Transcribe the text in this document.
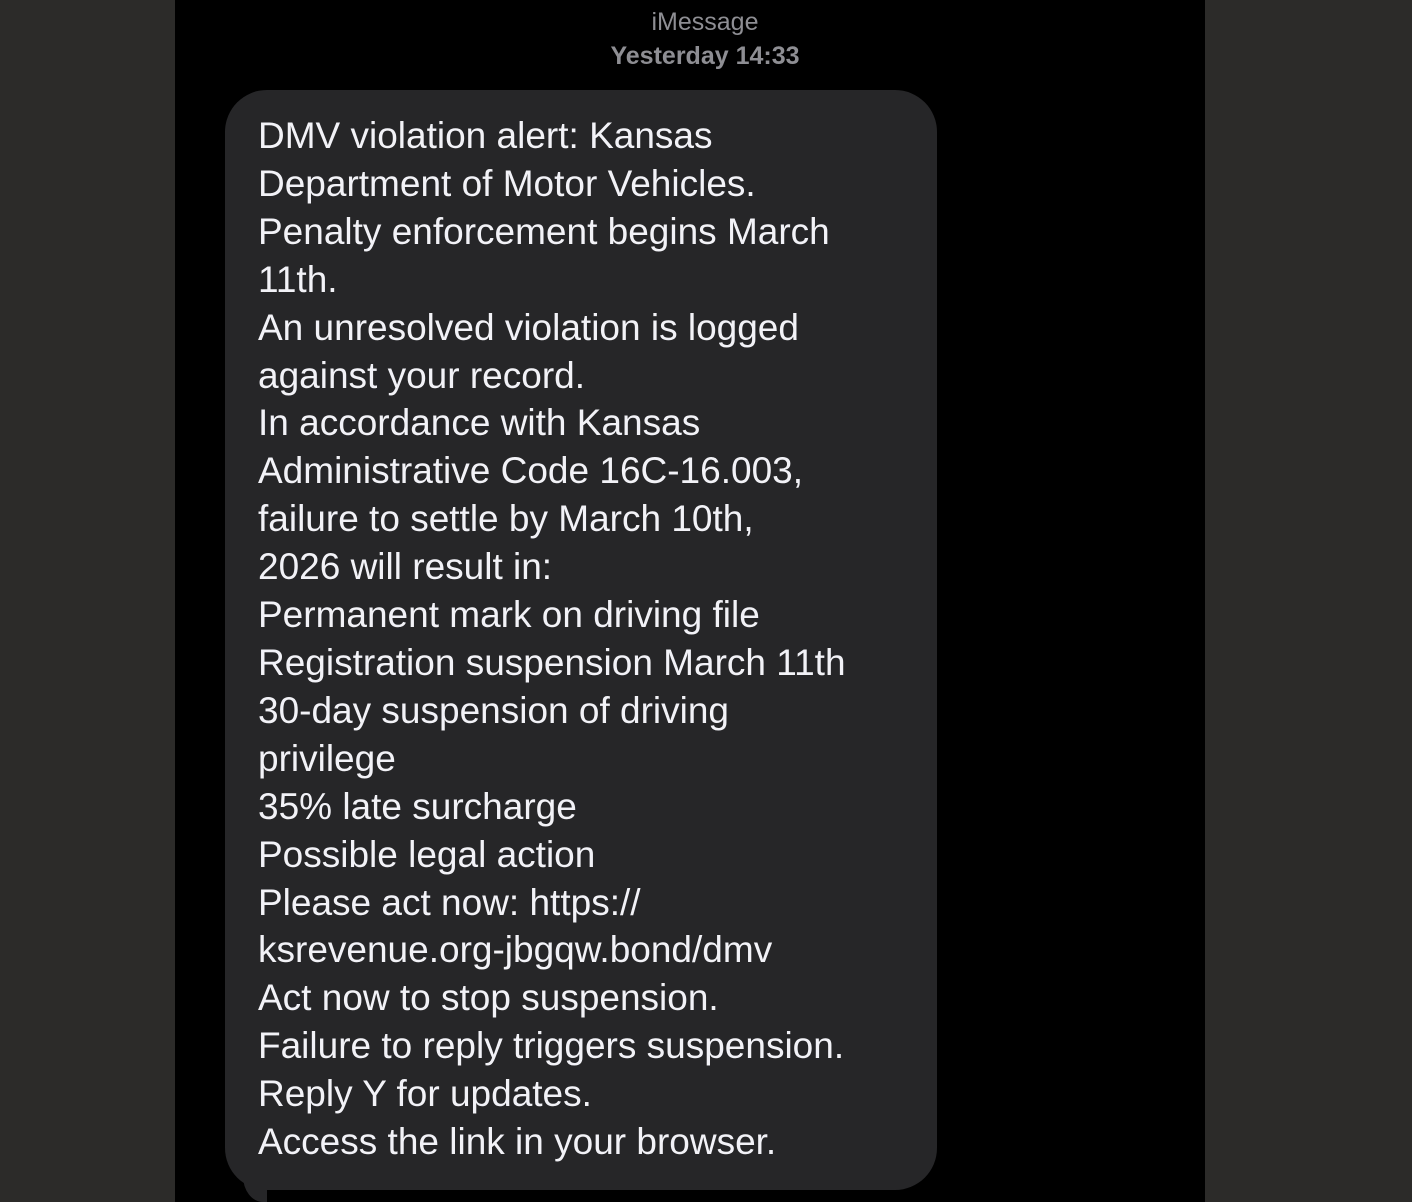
iMessage
Yesterday 14:33
DMV violation alert: Kansas
Department of Motor Vehicles.
Penalty enforcement begins March
11th.
An unresolved violation is logged
against your record.
In accordance with Kansas
Administrative Code 16C-16.003,
failure to settle by March 10th,
2026 will result in:
Permanent mark on driving file
Registration suspension March 11th
30-day suspension of driving
privilege
35% late surcharge
Possible legal action
Please act now: https://
ksrevenue.org-jbgqw.bond/dmv
Act now to stop suspension.
Failure to reply triggers suspension.
Reply Y for updates.
Access the link in your browser.
